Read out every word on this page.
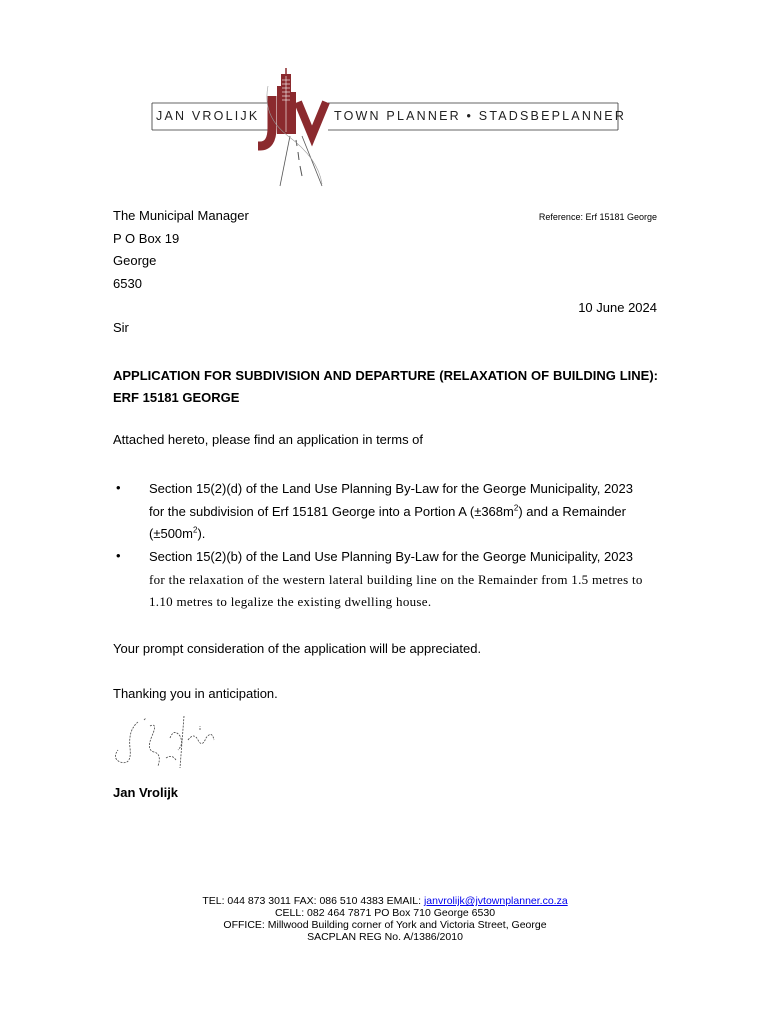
JAN VROLIJK	TOWN PLANNER • STADSBEPLANNER
The Municipal Manager
P O Box 19
George
6530
Reference: Erf 15181 George
10 June 2024
Sir
APPLICATION FOR SUBDIVISION AND DEPARTURE (RELAXATION OF BUILDING LINE): ERF 15181 GEORGE
Attached hereto, please find an application in terms of
• Section 15(2)(d) of the Land Use Planning By-Law for the George Municipality, 2023
for the subdivision of Erf 15181 George into a Portion A $(\pm 368m^2)$ and a Remainder
$(\pm 500m^2)$.
• Section 15(2)(b) of the Land Use Planning By-Law for the George Municipality, 2023
for the relaxation of the western lateral building line on the Remainder from 1.5 metres to
1.10 metres to legalize the existing dwelling house.
Your prompt consideration of the application will be appreciated.
Thanking you in anticipation.
Jan Vrolijk
TEL: 044 873 3011 FAX: 086 510 4383 EMAIL: janvrolijk@jvtownplanner.co.za
CELL: 082 464 7871 PO Box 710 George 6530
OFFICE: Millwood Building corner of York and Victoria Street, George
SACPLAN REG No. A/1386/2010
